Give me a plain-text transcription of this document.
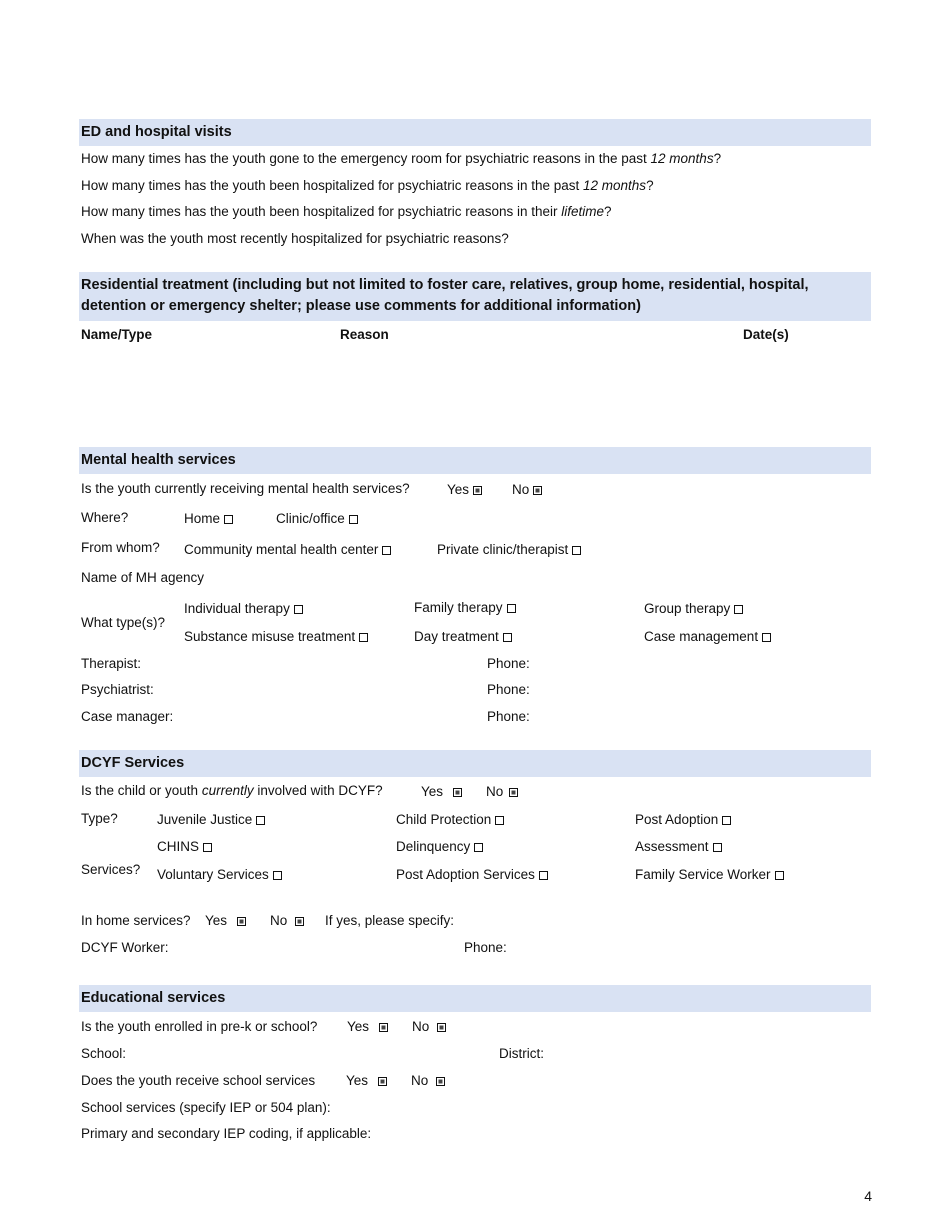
ED and hospital visits
How many times has the youth gone to the emergency room for psychiatric reasons in the past 12 months?
How many times has the youth been hospitalized for psychiatric reasons in the past 12 months?
How many times has the youth been hospitalized for psychiatric reasons in their lifetime?
When was the youth most recently hospitalized for psychiatric reasons?
Residential treatment (including but not limited to foster care, relatives, group home, residential, hospital,
detention or emergency shelter; please use comments for additional information)
Name/Type	Reason	Date(s)
Mental health services
Is the youth currently receiving mental health services?	Yes	No
Where?	Home	Clinic/office
From whom? Community mental health center	Private clinic/therapist
Name of MH agency
What type(s)?
Individual therapy	Family therapy	Group therapy
Substance misuse treatment	Day treatment	Case management
Therapist:	Phone:
Psychiatrist:	Phone:
Case manager:	Phone:
DCYF Services
Is the child or youth currently involved with DCYF?	Yes	No
Type?	Juvenile Justice	Child Protection	Post Adoption
CHINS	Delinquency	Assessment
Services? Voluntary Services	Post Adoption Services	Family Service Worker
In home services? Yes	No	If yes, please specify:
DCYF Worker:	Phone:
Educational services
Is the youth enrolled in pre-k or school? Yes	No
School:	District:
Does the youth receive school services Yes	No
School services (specify IEP or 504 plan):
Primary and secondary IEP coding, if applicable:
4
